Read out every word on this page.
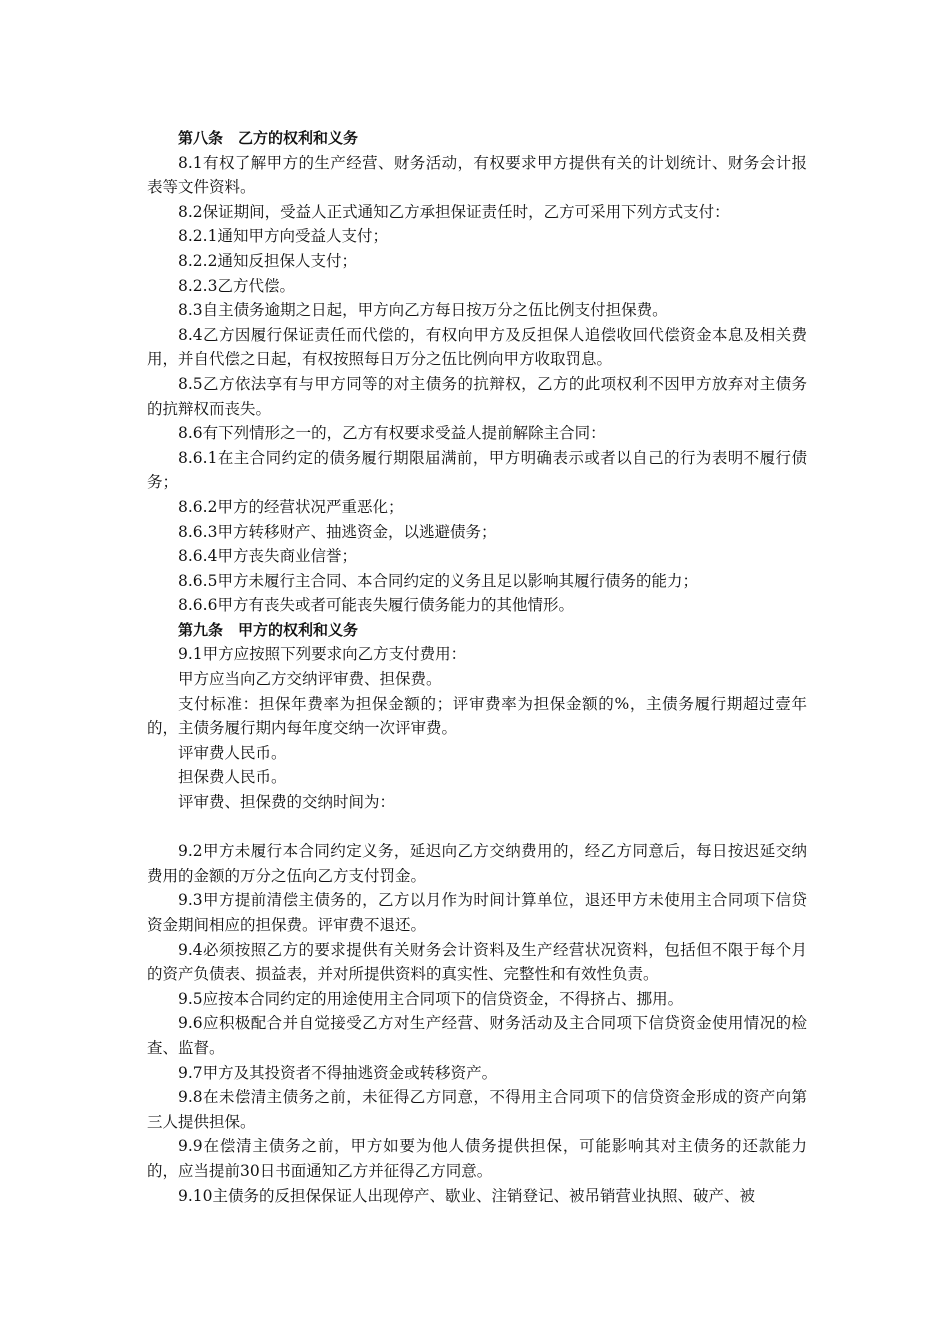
第八条　乙方的权利和义务

8.1有权了解甲方的生产经营、财务活动，有权要求甲方提供有关的计划统计、财务会计报表等文件资料。

8.2保证期间，受益人正式通知乙方承担保证责任时，乙方可采用下列方式支付：

8.2.1通知甲方向受益人支付；

8.2.2通知反担保人支付；

8.2.3乙方代偿。

8.3自主债务逾期之日起，甲方向乙方每日按万分之伍比例支付担保费。

8.4乙方因履行保证责任而代偿的，有权向甲方及反担保人追偿收回代偿资金本息及相关费用，并自代偿之日起，有权按照每日万分之伍比例向甲方收取罚息。

8.5乙方依法享有与甲方同等的对主债务的抗辩权，乙方的此项权利不因甲方放弃对主债务的抗辩权而丧失。

8.6有下列情形之一的，乙方有权要求受益人提前解除主合同：

8.6.1在主合同约定的债务履行期限届满前，甲方明确表示或者以自己的行为表明不履行债务；

8.6.2甲方的经营状况严重恶化；

8.6.3甲方转移财产、抽逃资金，以逃避债务；

8.6.4甲方丧失商业信誉；

8.6.5甲方未履行主合同、本合同约定的义务且足以影响其履行债务的能力；

8.6.6甲方有丧失或者可能丧失履行债务能力的其他情形。

第九条　甲方的权利和义务

9.1甲方应按照下列要求向乙方支付费用：

甲方应当向乙方交纳评审费、担保费。

支付标准：担保年费率为担保金额的；评审费率为担保金额的%，主债务履行期超过壹年的，主债务履行期内每年度交纳一次评审费。

评审费人民币。

担保费人民币。

评审费、担保费的交纳时间为：

9.2甲方未履行本合同约定义务，延迟向乙方交纳费用的，经乙方同意后，每日按迟延交纳费用的金额的万分之伍向乙方支付罚金。

9.3甲方提前清偿主债务的，乙方以月作为时间计算单位，退还甲方未使用主合同项下信贷资金期间相应的担保费。评审费不退还。

9.4必须按照乙方的要求提供有关财务会计资料及生产经营状况资料，包括但不限于每个月的资产负债表、损益表，并对所提供资料的真实性、完整性和有效性负责。

9.5应按本合同约定的用途使用主合同项下的信贷资金，不得挤占、挪用。

9.6应积极配合并自觉接受乙方对生产经营、财务活动及主合同项下信贷资金使用情况的检查、监督。

9.7甲方及其投资者不得抽逃资金或转移资产。

9.8在未偿清主债务之前，未征得乙方同意，不得用主合同项下的信贷资金形成的资产向第三人提供担保。

9.9在偿清主债务之前，甲方如要为他人债务提供担保，可能影响其对主债务的还款能力的，应当提前30日书面通知乙方并征得乙方同意。

9.10主债务的反担保保证人出现停产、歇业、注销登记、被吊销营业执照、破产、被
